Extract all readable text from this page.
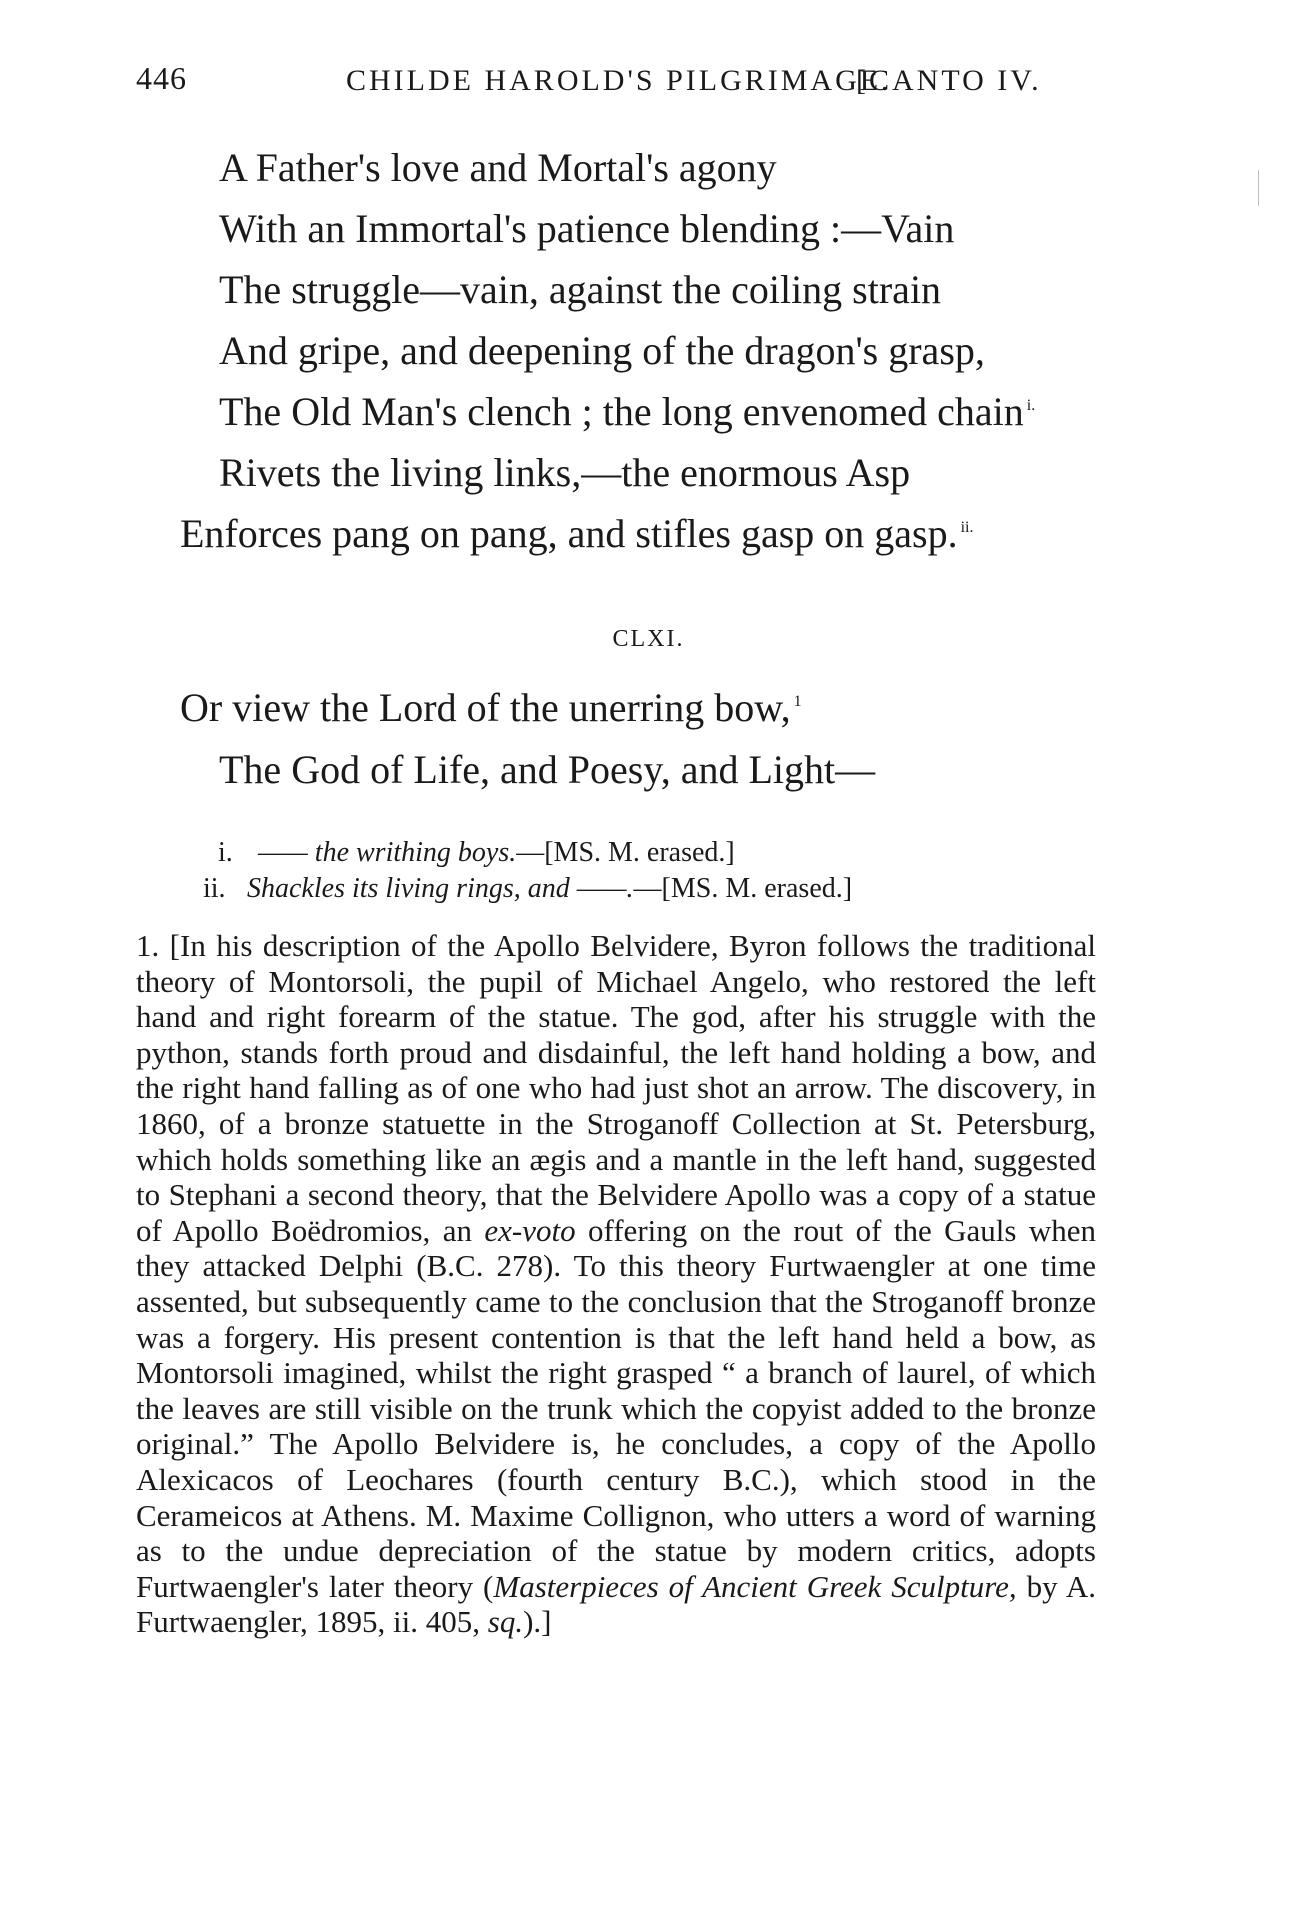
446	CHILDE HAROLD'S PILGRIMAGE.
[CANTO IV.
A Father's love and Mortal's agony
With an Immortal's patience blending :—Vain
The struggle—vain, against the coiling strain
And gripe, and deepening of the dragon's grasp,
The Old Man's clench ; the long envenomed chain $^{i.}$
Rivets the living links,—the enormous Asp
Enforces pang on pang, and stifles gasp on gasp. $^{ii.}$
CLXI.
Or view the Lord of the unerring bow, $^1$
The God of Life, and Poesy, and Light—
i. —— the writhing boys.—[MS. M. erased.]
ii. Shackles its living rings, and ——.—[MS. M. erased.]

1. [In his description of the Apollo Belvidere, Byron follows the traditional theory of Montorsoli, the pupil of Michael Angelo, who restored the left hand and right forearm of the statue. The god, after his struggle with the python, stands forth proud and disdainful, the left hand holding a bow, and the right hand falling as of one who had just shot an arrow. The discovery, in 1860, of a bronze statuette in the Stroganoff Collection at St. Petersburg, which holds something like an ægis and a mantle in the left hand, suggested to Stephani a second theory, that the Belvidere Apollo was a copy of a statue of Apollo Boëdromios, an ex-voto offering on the rout of the Gauls when they attacked Delphi (B.C. 278). To this theory Furtwaengler at one time assented, but subsequently came to the conclusion that the Stroganoff bronze was a forgery. His present contention is that the left hand held a bow, as Montorsoli imagined, whilst the right grasped “ a branch of laurel, of which the leaves are still visible on the trunk which the copyist added to the bronze original.” The Apollo Belvidere is, he concludes, a copy of the Apollo Alexicacos of Leochares (fourth century B.C.), which stood in the Cerameicos at Athens. M. Maxime Collignon, who utters a word of warning as to the undue depreciation of the statue by modern critics, adopts Furtwaengler's later theory (Masterpieces of Ancient Greek Sculpture, by A. Furtwaengler, 1895, ii. 405, sq.).]
